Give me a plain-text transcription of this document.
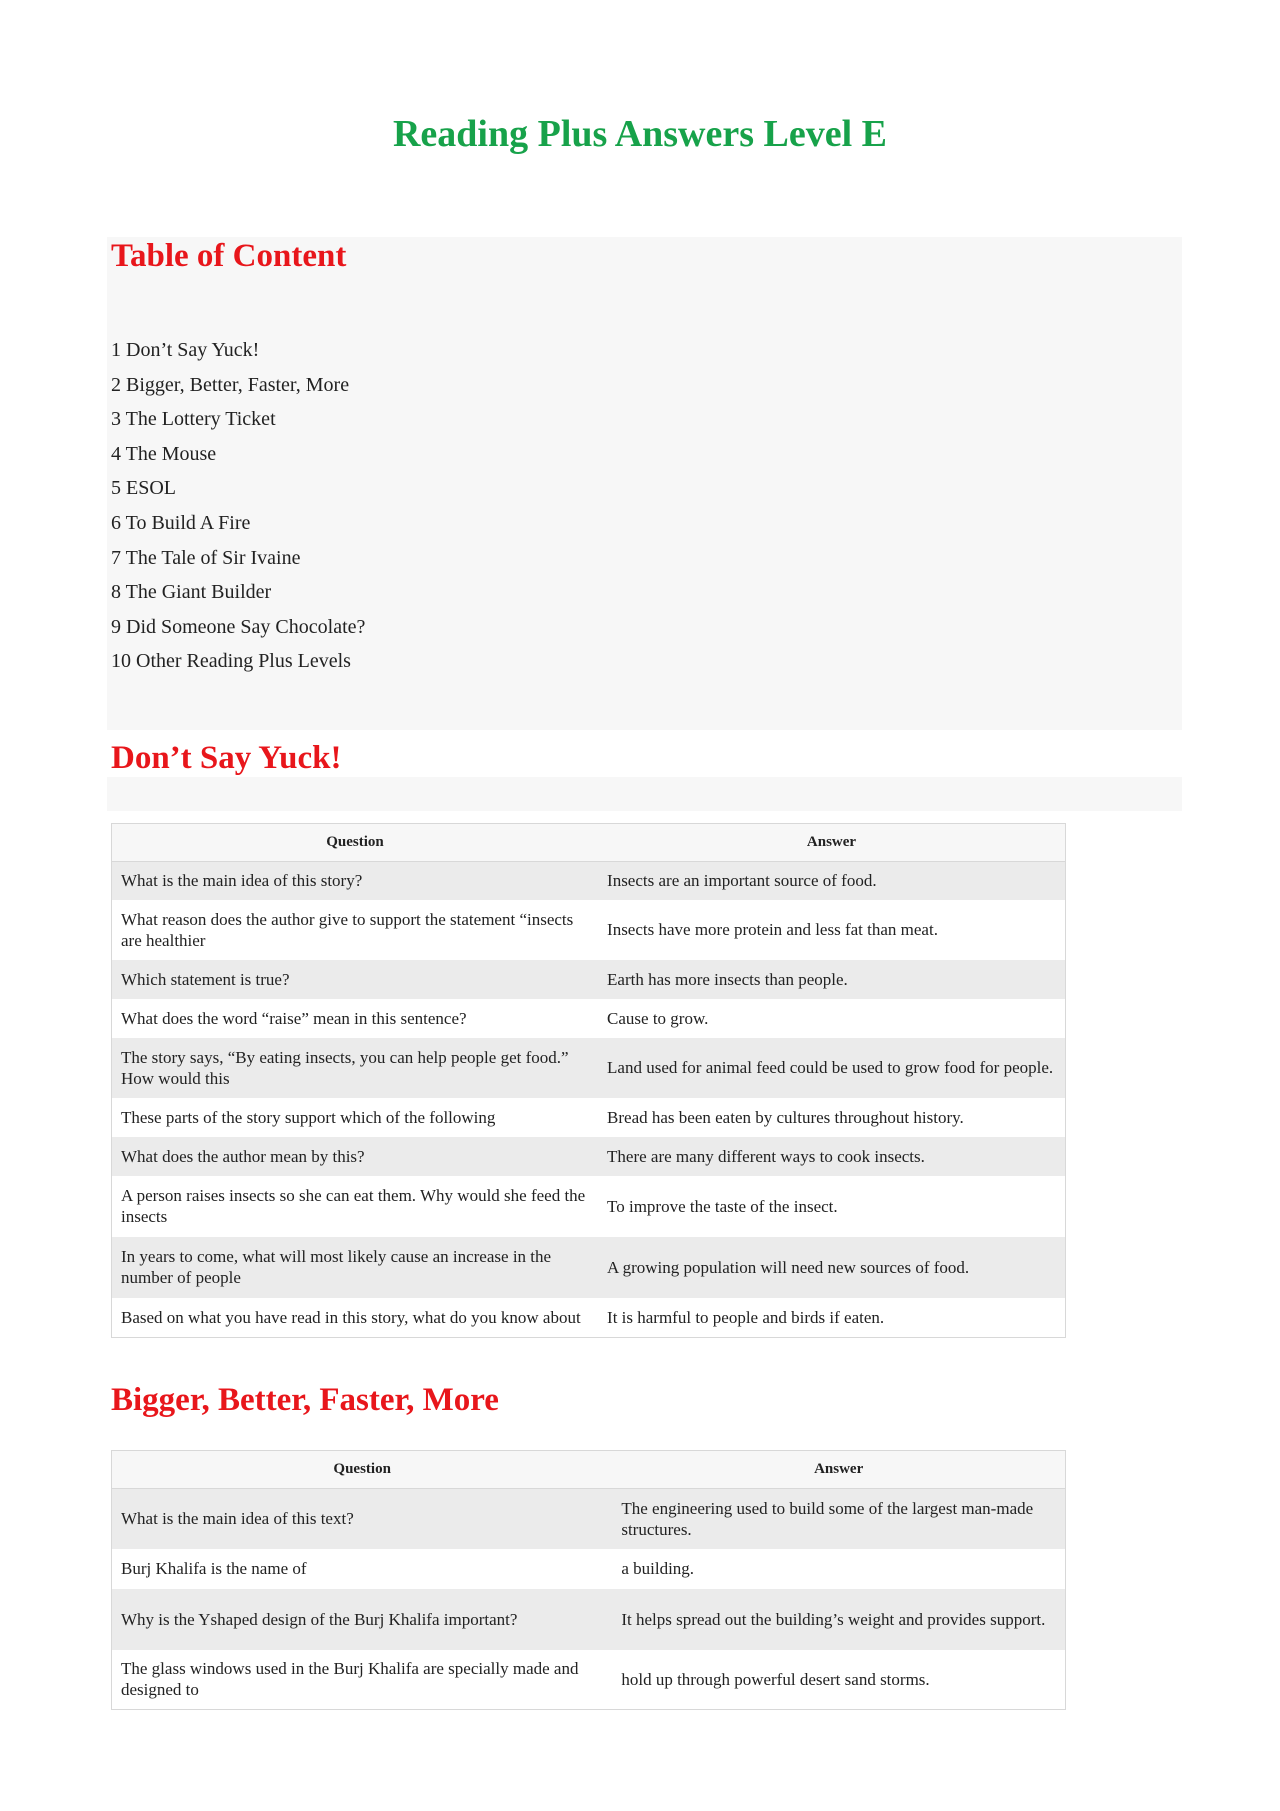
Reading Plus Answers Level E
Table of Content
1 Don’t Say Yuck!
2 Bigger, Better, Faster, More
3 The Lottery Ticket
4 The Mouse
5 ESOL
6 To Build A Fire
7 The Tale of Sir Ivaine
8 The Giant Builder
9 Did Someone Say Chocolate?
10 Other Reading Plus Levels
Don’t Say Yuck!
Question	Answer
What is the main idea of this story?	Insects are an important source of food.
What reason does the author give to support the statement “insects are healthier	Insects have more protein and less fat than meat.
Which statement is true?	Earth has more insects than people.
What does the word “raise” mean in this sentence?	Cause to grow.
The story says, “By eating insects, you can help people get food.” How would this	Land used for animal feed could be used to grow food for people.
These parts of the story support which of the following	Bread has been eaten by cultures throughout history.
What does the author mean by this?	There are many different ways to cook insects.
A person raises insects so she can eat them. Why would she feed the insects	To improve the taste of the insect.
In years to come, what will most likely cause an increase in the number of people	A growing population will need new sources of food.
Based on what you have read in this story, what do you know about	It is harmful to people and birds if eaten.
Bigger, Better, Faster, More
Question	Answer
What is the main idea of this text?	The engineering used to build some of the largest man-made structures.
Burj Khalifa is the name of	a building.
Why is the Yshaped design of the Burj Khalifa important?	It helps spread out the building’s weight and provides support.
The glass windows used in the Burj Khalifa are specially made and designed to	hold up through powerful desert sand storms.
